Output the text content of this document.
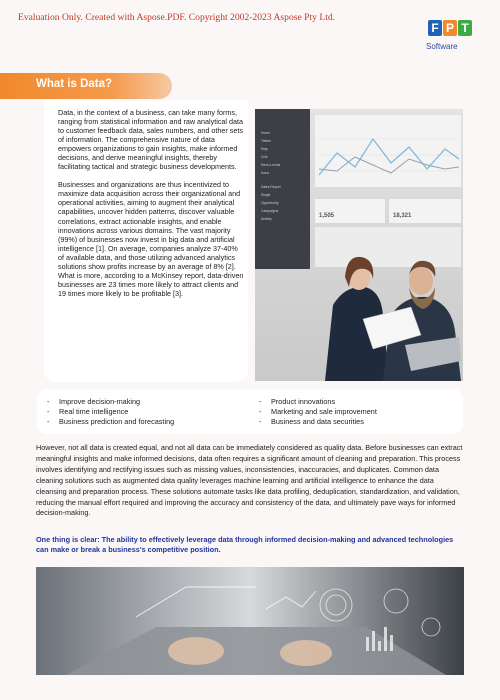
Evaluation Only. Created with Aspose.PDF. Copyright 2002-2023 Aspose Pty Ltd.
F P T
Software
What is Data?

Data, in the context of a business, can take many forms, ranging from statistical information and raw analytical data to customer feedback data, sales numbers, and other sets of information. The comprehensive nature of data empowers organizations to gain insights, make informed decisions, and derive meaningful insights, thereby facilitating tactical and strategic business developments.

Businesses and organizations are thus incentivized to maximize data acquisition across their organizational and operational activities, aiming to augment their analytical capabilities, uncover hidden patterns, discover valuable correlations, extract actionable insights, and enable innovations across various domains. The vast majority (99%) of businesses now invest in big data and artificial intelligence [1]. On average, companies analyze 37-40% of available data, and those utilizing advanced analytics solutions show profits increase by an average of 8% [2]. What is more, according to a McKinsey report, data-driven businesses are 23 times more likely to attract clients and 19 times more likely to be profitable [3].

Home
Tables
Map
Grid
Menu Levels
Icons
Sales Report
Single
Opportunity
Campaigns
Activity	1,505	18,321
- Improve decision-making
- Real time intelligence
- Business prediction and forecasting
- Product innovations
- Marketing and sale improvement
- Business and data securities

However, not all data is created equal, and not all data can be immediately considered as quality data. Before businesses can extract meaningful insights and make informed decisions, data often requires a significant amount of cleaning and preparation. This process involves identifying and rectifying issues such as missing values, inconsistencies, inaccuracies, and duplicates. Common data cleaning solutions such as augmented data quality leverages machine learning and artificial intelligence to enhance the data cleansing and preparation process. These solutions automate tasks like data profiling, deduplication, standardization, and validation, reducing the manual effort required and improving the accuracy and consistency of the data, and ultimately pave ways for informed decision-making.

One thing is clear: The ability to effectively leverage data through informed decision-making and advanced technologies can make or break a business's competitive position.
